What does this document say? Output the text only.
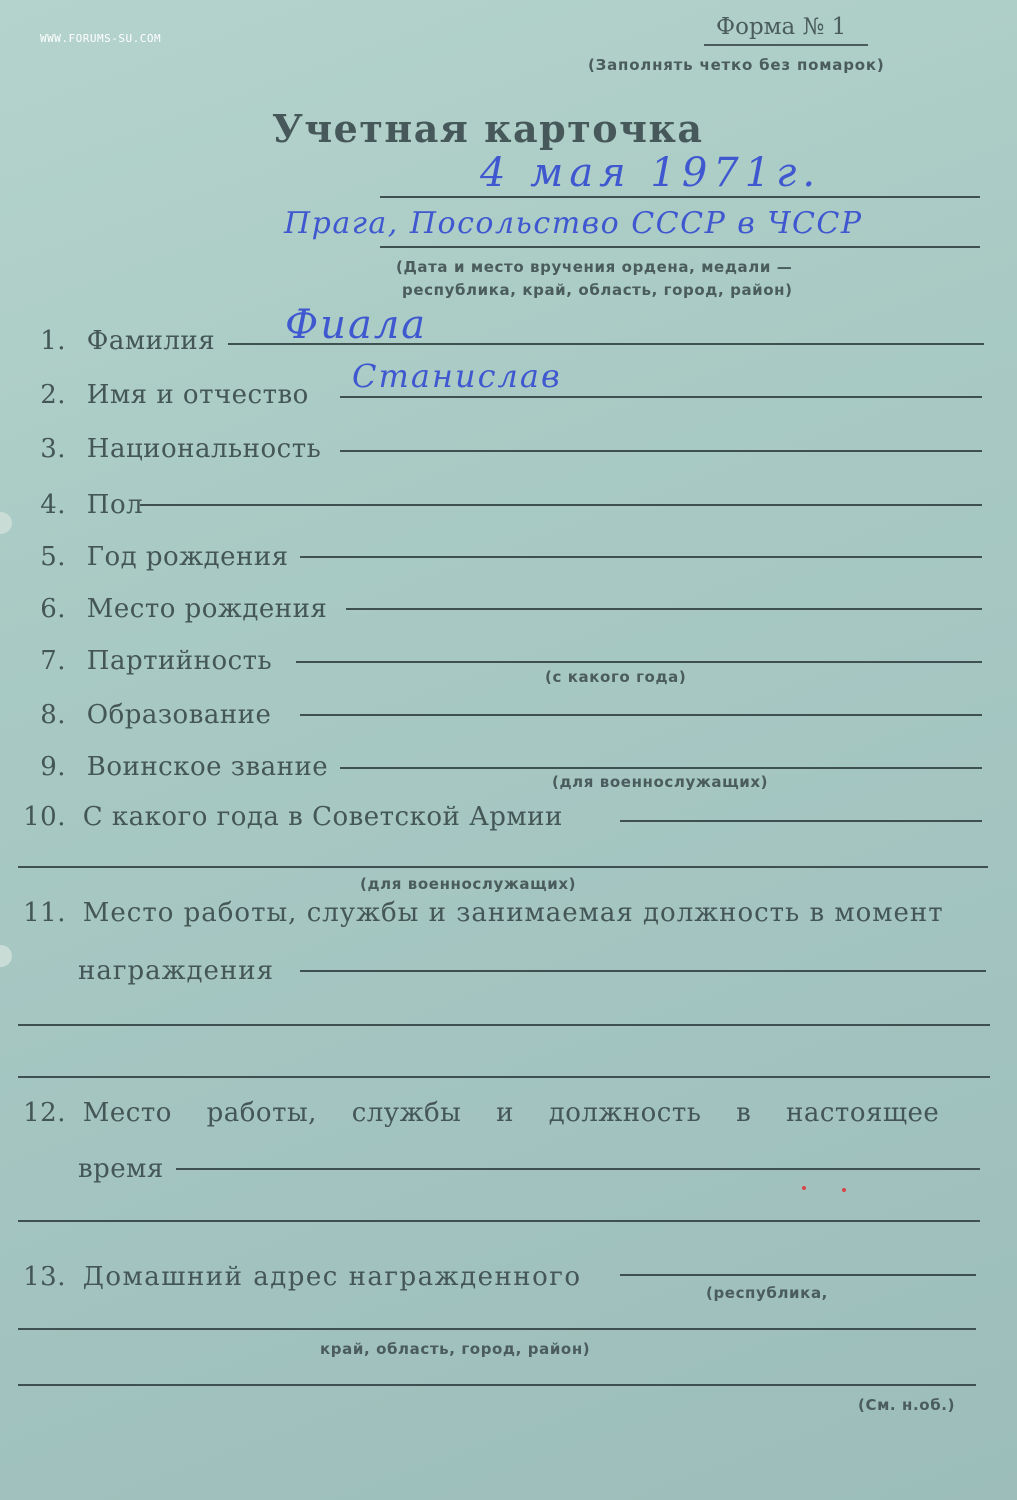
WWW.FORUMS-SU.COM	Форма № 1
(Заполнять четко без помарок)
Учетная карточка
4 мая 1971г.
Прага, Посольство СССР в ЧССР
(Дата и место вручения ордена, медали —
республика, край, область, город, район)
1. Фамилия Фиала
2. Имя и отчество Станислав
3. Национальность
4. Пол
5. Год рождения
6. Место рождения
7. Партийность
(с какого года)
8. Образование
9. Воинское звание	(для военнослужащих)
10. С какого года в Советской Армии
(для военнослужащих)
11. Место работы, службы и занимаемая должность в момент
награждения
12. Место работы, службы и должность в настоящее
время
13. Домашний адрес награжденного
(республика,
край, область, город, район)
(См. н.об.)
